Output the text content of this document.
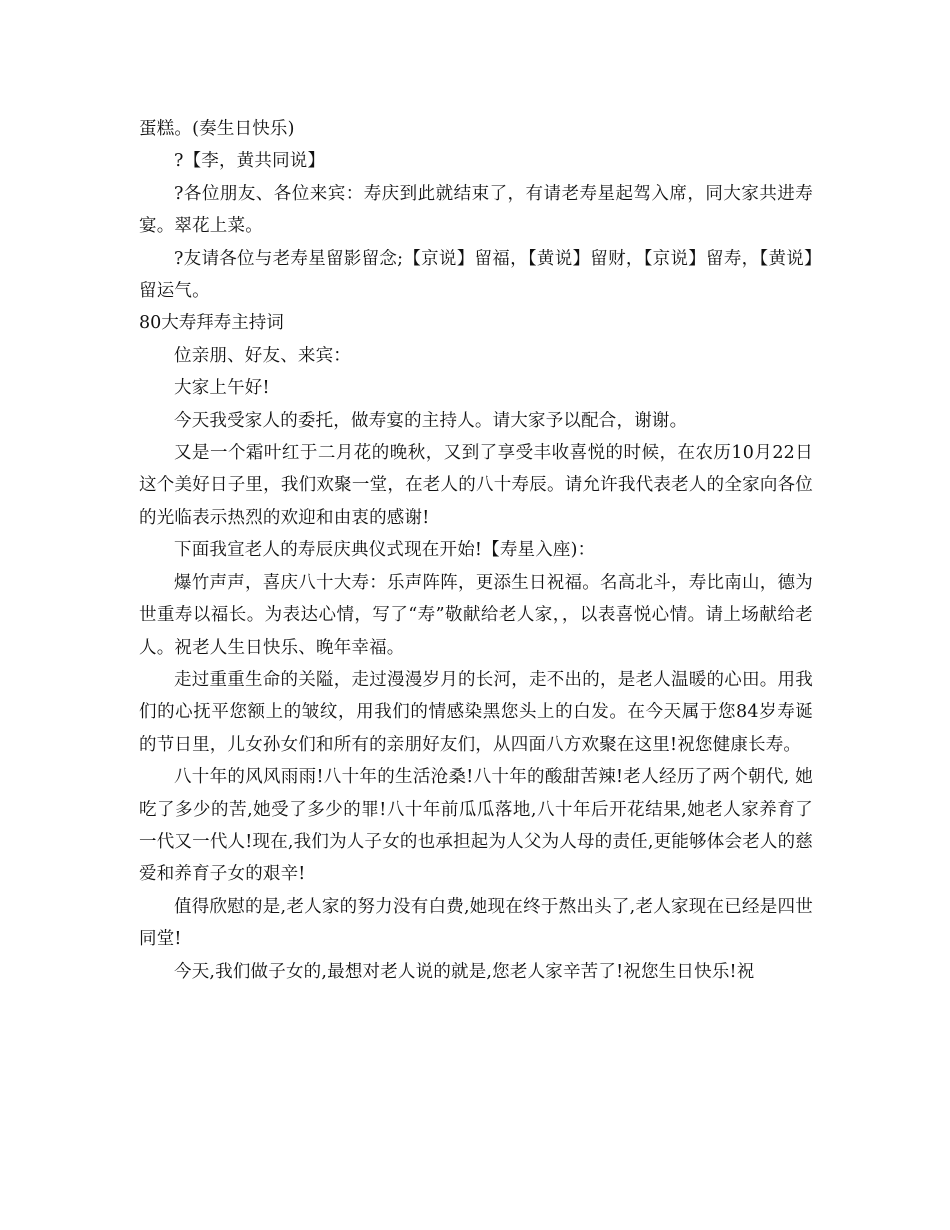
蛋糕。(奏生日快乐)

?【李，黄共同说】

?各位朋友、各位来宾：寿庆到此就结束了，有请老寿星起驾入席，同大家共进寿宴。翠花上菜。

?友请各位与老寿星留影留念;【京说】留福，【黄说】留财，【京说】留寿，【黄说】留运气。

80大寿拜寿主持词

位亲朋、好友、来宾：

大家上午好!

今天我受家人的委托，做寿宴的主持人。请大家予以配合，谢谢。

又是一个霜叶红于二月花的晚秋，又到了享受丰收喜悦的时候，在农历10月22日这个美好日子里，我们欢聚一堂，在老人的八十寿辰。请允许我代表老人的全家向各位的光临表示热烈的欢迎和由衷的感谢!

下面我宣老人的寿辰庆典仪式现在开始!【寿星入座)：

爆竹声声，喜庆八十大寿：乐声阵阵，更添生日祝福。名高北斗，寿比南山，德为世重寿以福长。为表达心情，写了“寿”敬献给老人家，，以表喜悦心情。请上场献给老人。祝老人生日快乐、晚年幸福。

走过重重生命的关隘，走过漫漫岁月的长河，走不出的，是老人温暖的心田。用我们的心抚平您额上的皱纹，用我们的情感染黑您头上的白发。在今天属于您84岁寿诞的节日里，儿女孙女们和所有的亲朋好友们，从四面八方欢聚在这里!祝您健康长寿。

八十年的风风雨雨!八十年的生活沧桑!八十年的酸甜苦辣!老人经历了两个朝代, 她吃了多少的苦,她受了多少的罪!八十年前瓜瓜落地,八十年后开花结果,她老人家养育了一代又一代人!现在,我们为人子女的也承担起为人父为人母的责任,更能够体会老人的慈爱和养育子女的艰辛!

值得欣慰的是,老人家的努力没有白费,她现在终于熬出头了,老人家现在已经是四世同堂!

今天,我们做子女的,最想对老人说的就是,您老人家辛苦了!祝您生日快乐!祝
